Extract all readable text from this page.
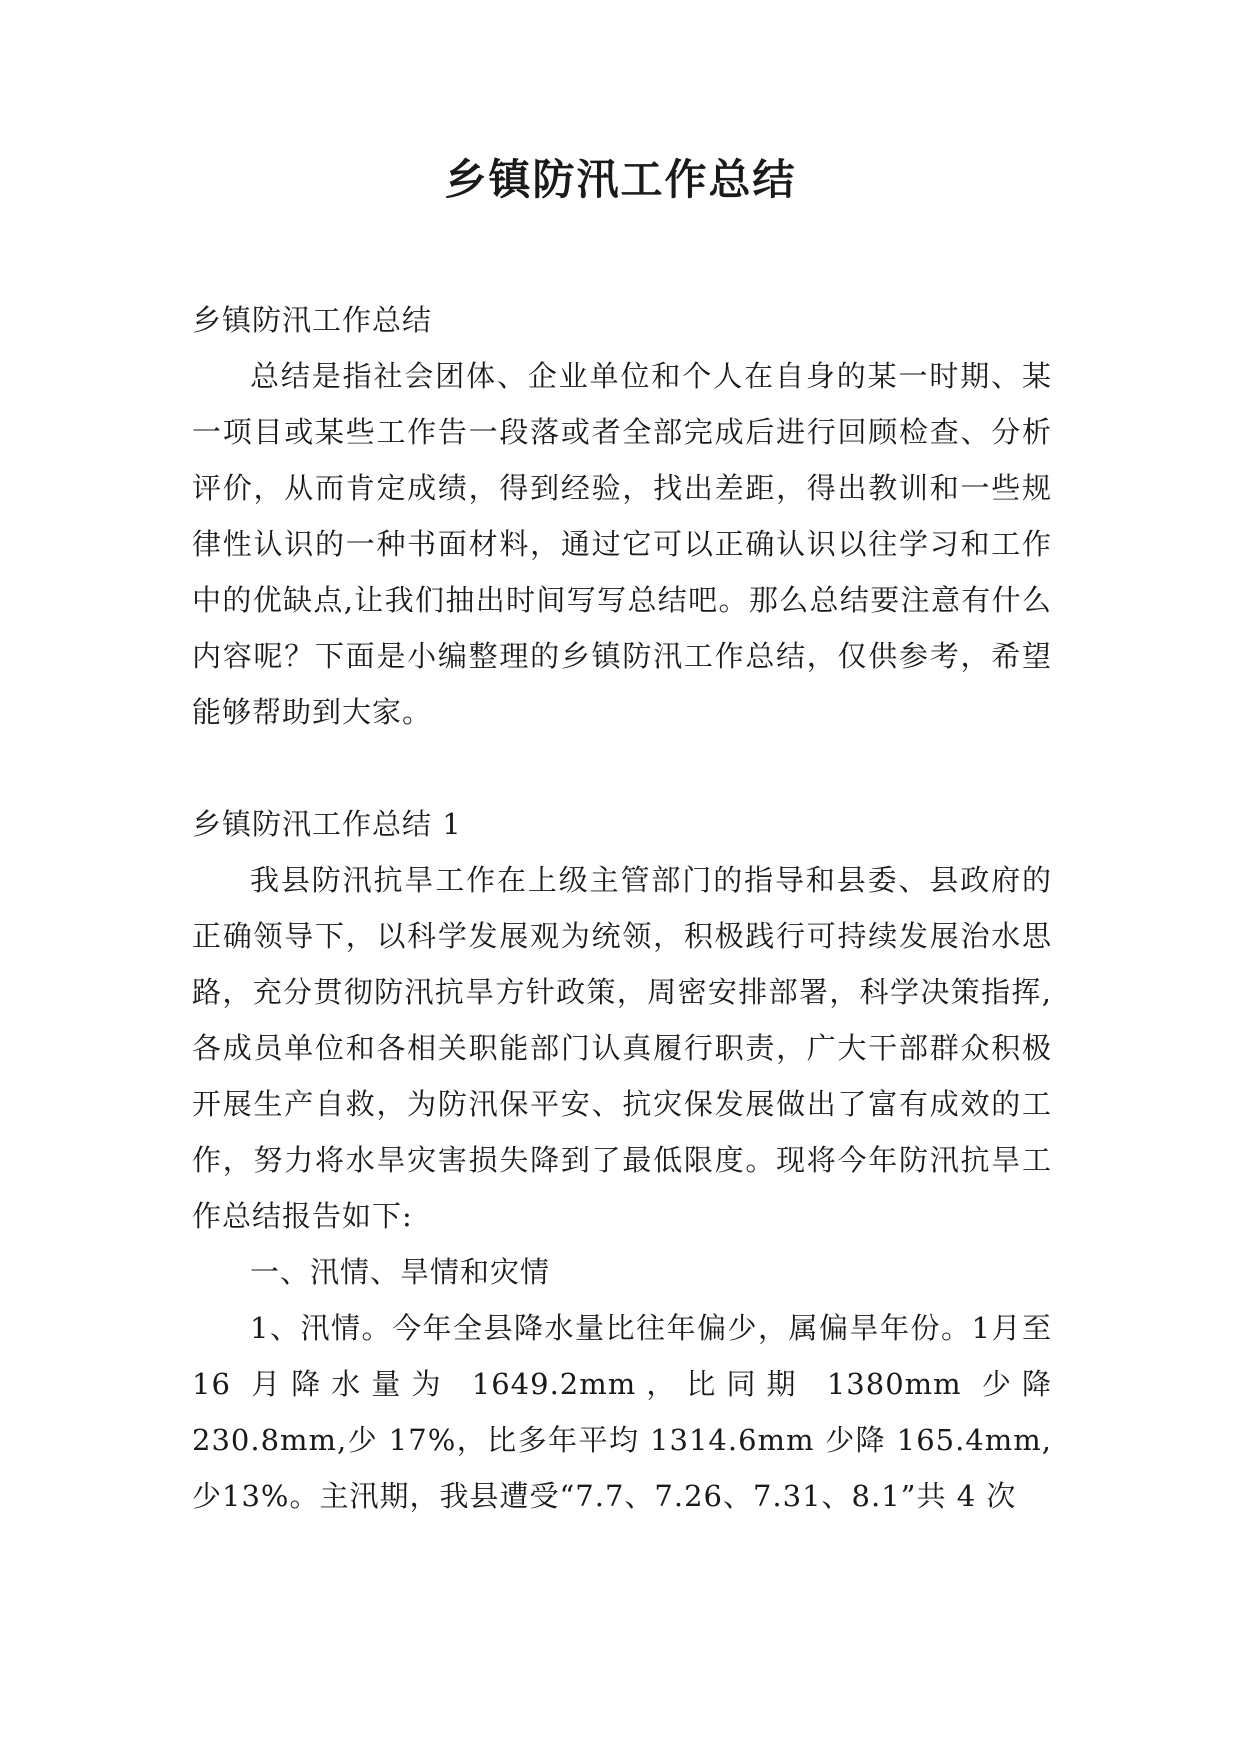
乡镇防汛工作总结

乡镇防汛工作总结

总结是指社会团体、企业单位和个人在自身的某一时期、某一项目或某些工作告一段落或者全部完成后进行回顾检查、分析评价，从而肯定成绩，得到经验，找出差距，得出教训和一些规律性认识的一种书面材料，通过它可以正确认识以往学习和工作中的优缺点,让我们抽出时间写写总结吧。那么总结要注意有什么内容呢？下面是小编整理的乡镇防汛工作总结，仅供参考，希望能够帮助到大家。

乡镇防汛工作总结 1

我县防汛抗旱工作在上级主管部门的指导和县委、县政府的正确领导下，以科学发展观为统领，积极践行可持续发展治水思路，充分贯彻防汛抗旱方针政策，周密安排部署，科学决策指挥,各成员单位和各相关职能部门认真履行职责，广大干部群众积极开展生产自救，为防汛保平安、抗灾保发展做出了富有成效的工作，努力将水旱灾害损失降到了最低限度。现将今年防汛抗旱工作总结报告如下:

一、汛情、旱情和灾情

1、汛情。今年全县降水量比往年偏少，属偏旱年份。1月至 16 月降水量为 1649.2mm，比同期 1380mm 少降230.8mm,少 17%，比多年平均 1314.6mm 少降 165.4mm,少13%。主汛期，我县遭受“7.7、7.26、7.31、8.1”共 4 次
